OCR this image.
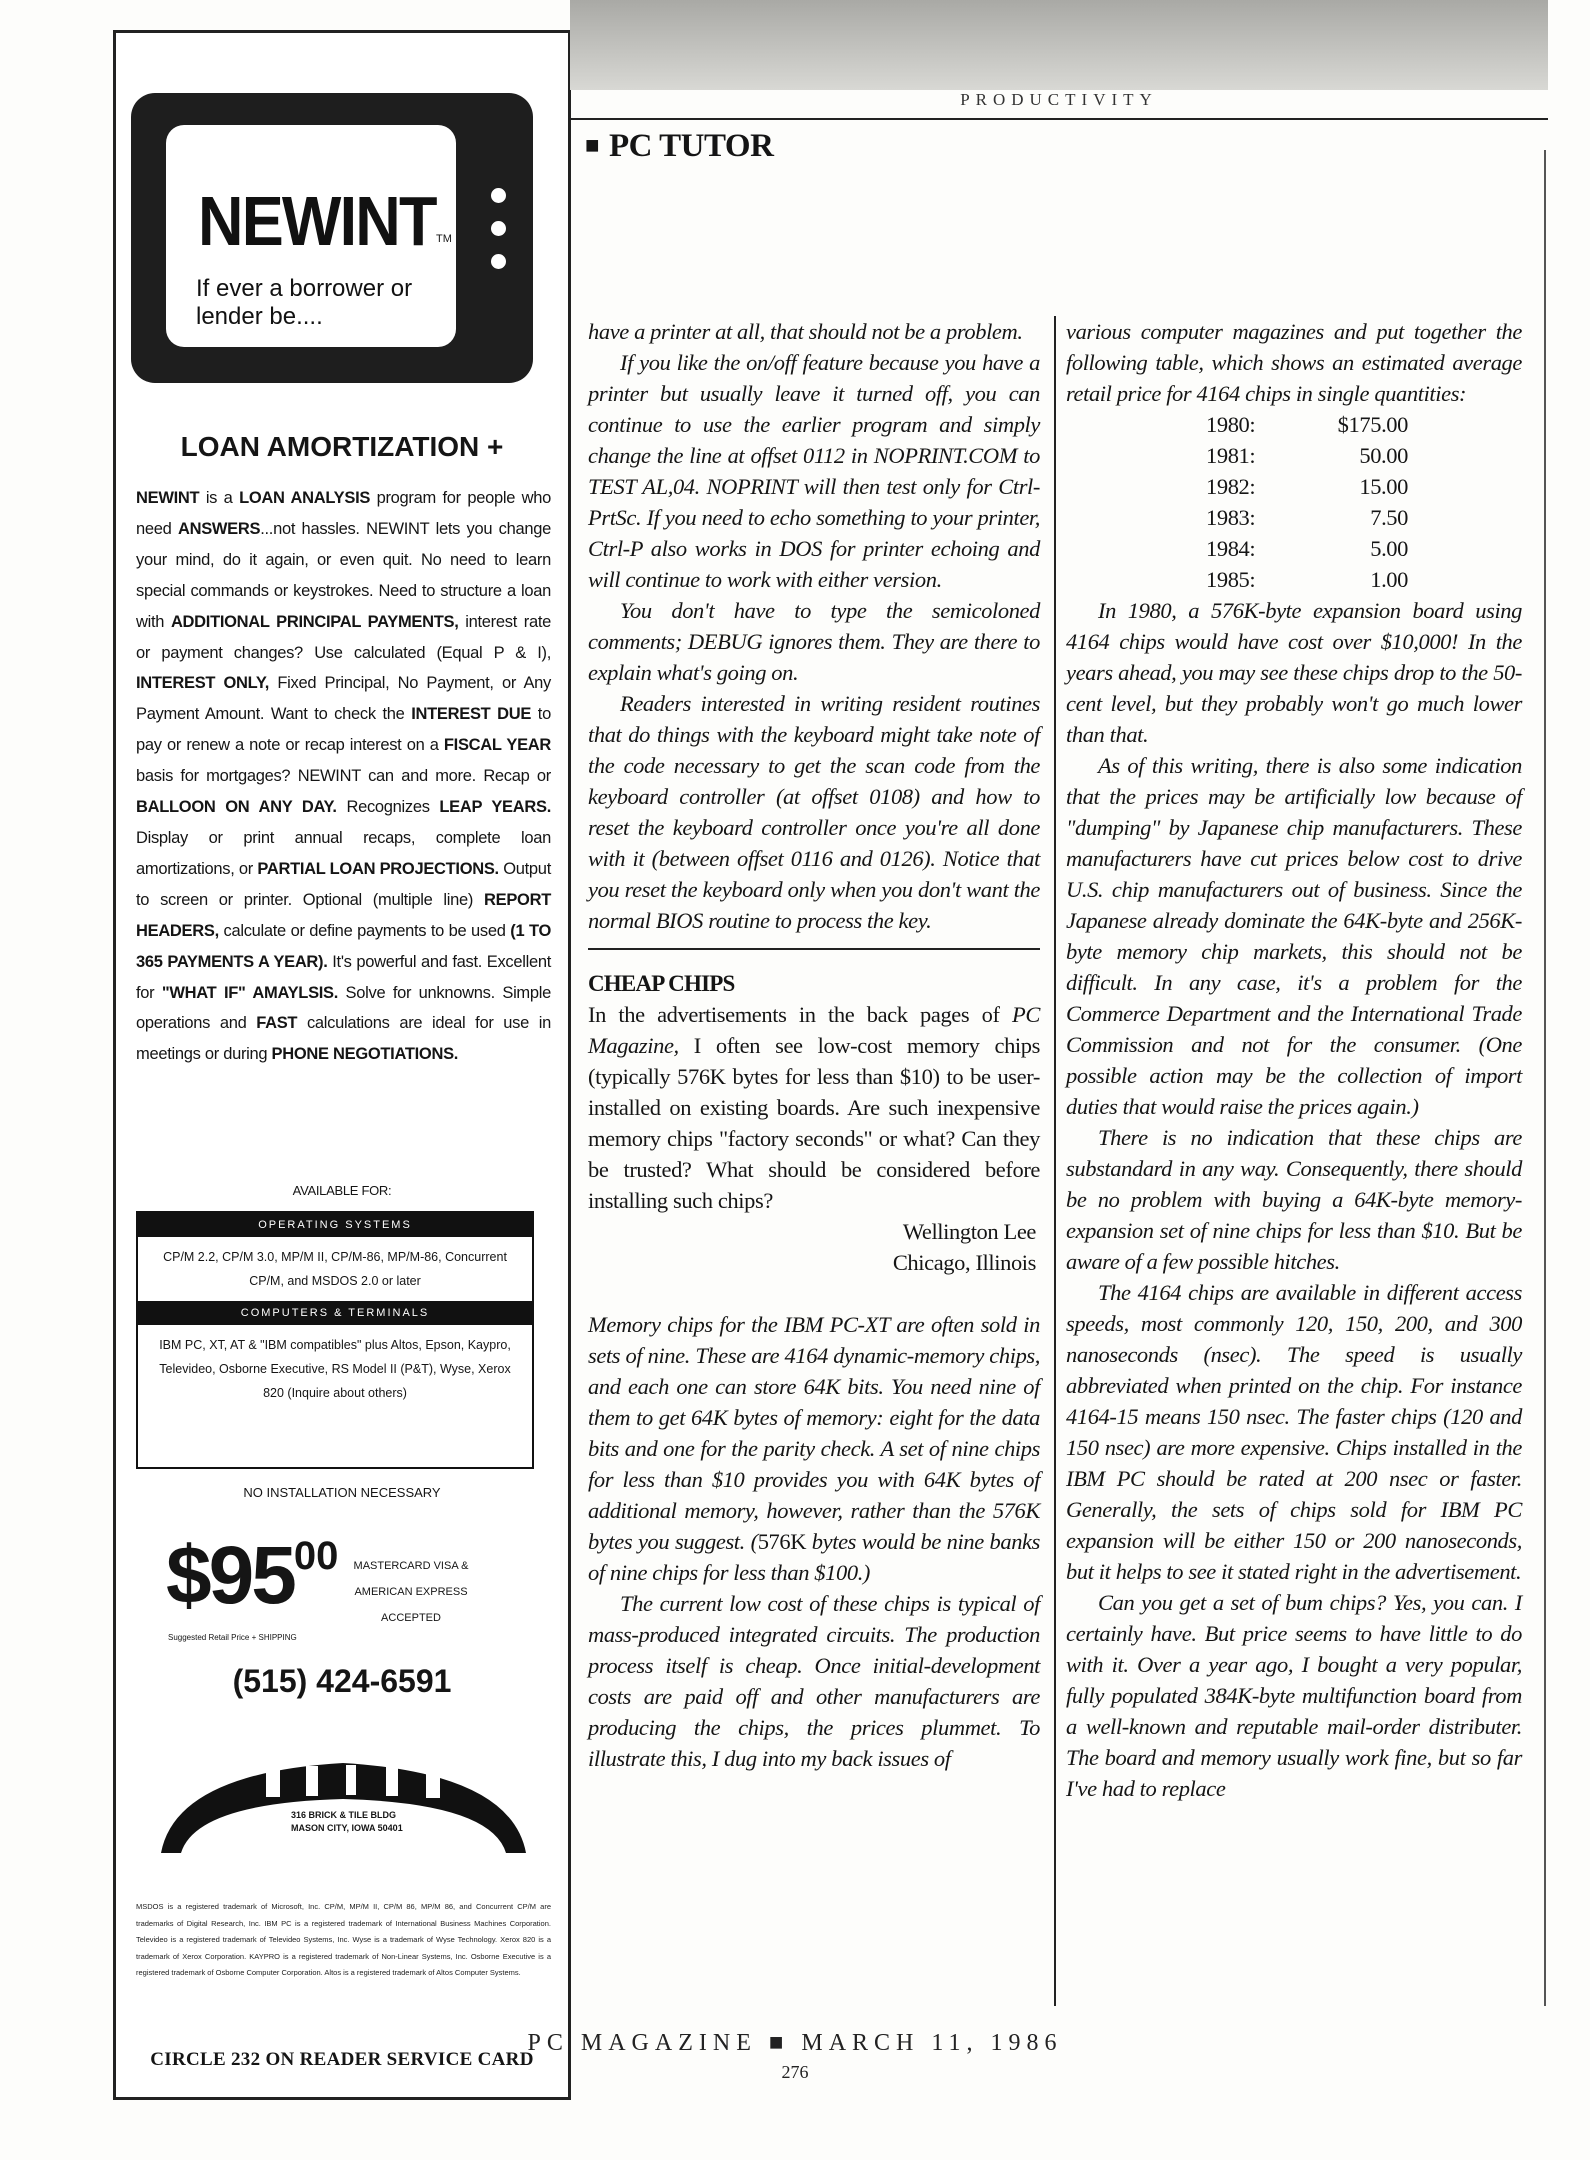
NEWINT TM
If ever a borrower or lender be....
LOAN AMORTIZATION +
NEWINT is a LOAN ANALYSIS program for people who need ANSWERS...not hassles. NEWINT lets you change your mind, do it again, or even quit. No need to learn special commands or keystrokes. Need to structure a loan with ADDITIONAL PRINCIPAL PAYMENTS, interest rate or payment changes? Use calculated (Equal P & I), INTEREST ONLY, Fixed Principal, No Payment, or Any Payment Amount. Want to check the INTEREST DUE to pay or renew a note or recap interest on a FISCAL YEAR basis for mortgages? NEWINT can and more. Recap or BALLOON ON ANY DAY. Recognizes LEAP YEARS. Display or print annual recaps, complete loan amortizations, or PARTIAL LOAN PROJECTIONS. Output to screen or printer. Optional (multiple line) REPORT HEADERS, calculate or define payments to be used (1 TO 365 PAYMENTS A YEAR). It's powerful and fast. Excellent for "WHAT IF" AMAYLSIS. Solve for unknowns. Simple operations and FAST calculations are ideal for use in meetings or during PHONE NEGOTIATIONS.
AVAILABLE FOR:
OPERATING SYSTEMS
CP/M 2.2, CP/M 3.0, MP/M II, CP/M-86, MP/M-86, Concurrent CP/M, and MSDOS 2.0 or later
COMPUTERS & TERMINALS
IBM PC, XT, AT & "IBM compatibles" plus Altos, Epson, Kaypro, Televideo, Osborne Executive, RS Model II (P&T), Wyse, Xerox 820 (Inquire about others)
NO INSTALLATION NECESSARY
$\$95^{00}$
Suggested Retail Price + SHIPPING
MASTERCARD VISA & AMERICAN EXPRESS ACCEPTED
(515) 424-6591
316 BRICK & TILE BLDG
MASON CITY, IOWA 50401
MSDOS is a registered trademark of Microsoft, Inc. CP/M, MP/M II, CP/M 86, MP/M 86, and Concurrent CP/M are trademarks of Digital Research, Inc. IBM PC is a registered trademark of International Business Machines Corporation. Televideo is a registered trademark of Televideo Systems, Inc. Wyse is a trademark of Wyse Technology. Xerox 820 is a trademark of Xerox Corporation. KAYPRO is a registered trademark of Non-Linear Systems, Inc. Osborne Executive is a registered trademark of Osborne Computer Corporation. Altos is a registered trademark of Altos Computer Systems.
CIRCLE 232 ON READER SERVICE CARD
PRODUCTIVITY
■ PC TUTOR

have a printer at all, that should not be a problem.

If you like the on/off feature because you have a printer but usually leave it turned off, you can continue to use the earlier program and simply change the line at offset 0112 in NOPRINT.COM to TEST AL,04. NOPRINT will then test only for Ctrl-PrtSc. If you need to echo something to your printer, Ctrl-P also works in DOS for printer echoing and will continue to work with either version.

You don't have to type the semicoloned comments; DEBUG ignores them. They are there to explain what's going on.

Readers interested in writing resident routines that do things with the keyboard might take note of the code necessary to get the scan code from the keyboard controller (at offset 0108) and how to reset the keyboard controller once you're all done with it (between offset 0116 and 0126). Notice that you reset the keyboard only when you don't want the normal BIOS routine to process the key.

CHEAP CHIPS

In the advertisements in the back pages of PC Magazine, I often see low-cost memory chips (typically 576K bytes for less than $10) to be user-installed on existing boards. Are such inexpensive memory chips "factory seconds" or what? Can they be trusted? What should be considered before installing such chips?

Wellington Lee
Chicago, Illinois

Memory chips for the IBM PC-XT are often sold in sets of nine. These are 4164 dynamic-memory chips, and each one can store 64K bits. You need nine of them to get 64K bytes of memory: eight for the data bits and one for the parity check. A set of nine chips for less than $10 provides you with 64K bytes of additional memory, however, rather than the 576K bytes you suggest. (576K bytes would be nine banks of nine chips for less than $100.)

The current low cost of these chips is typical of mass-produced integrated circuits. The production process itself is cheap. Once initial-development costs are paid off and other manufacturers are producing the chips, the prices plummet. To illustrate this, I dug into my back issues of

various computer magazines and put together the following table, which shows an estimated average retail price for 4164 chips in single quantities:

1980:	$175.00
1981:	50.00
1982:	15.00
1983:	7.50
1984:	5.00
1985:	1.00

In 1980, a 576K-byte expansion board using 4164 chips would have cost over $10,000! In the years ahead, you may see these chips drop to the 50-cent level, but they probably won't go much lower than that.

As of this writing, there is also some indication that the prices may be artificially low because of "dumping" by Japanese chip manufacturers. These manufacturers have cut prices below cost to drive U.S. chip manufacturers out of business. Since the Japanese already dominate the 64K-byte and 256K-byte memory chip markets, this should not be difficult. In any case, it's a problem for the Commerce Department and the International Trade Commission and not for the consumer. (One possible action may be the collection of import duties that would raise the prices again.)

There is no indication that these chips are substandard in any way. Consequently, there should be no problem with buying a 64K-byte memory-expansion set of nine chips for less than $10. But be aware of a few possible hitches.

The 4164 chips are available in different access speeds, most commonly 120, 150, 200, and 300 nanoseconds (nsec). The speed is usually abbreviated when printed on the chip. For instance 4164-15 means 150 nsec. The faster chips (120 and 150 nsec) are more expensive. Chips installed in the IBM PC should be rated at 200 nsec or faster. Generally, the sets of chips sold for IBM PC expansion will be either 150 or 200 nanoseconds, but it helps to see it stated right in the advertisement.

Can you get a set of bum chips? Yes, you can. I certainly have. But price seems to have little to do with it. Over a year ago, I bought a very popular, fully populated 384K-byte multifunction board from a well-known and reputable mail-order distributer. The board and memory usually work fine, but so far I've had to replace

PC MAGAZINE ■ MARCH 11, 1986
276
